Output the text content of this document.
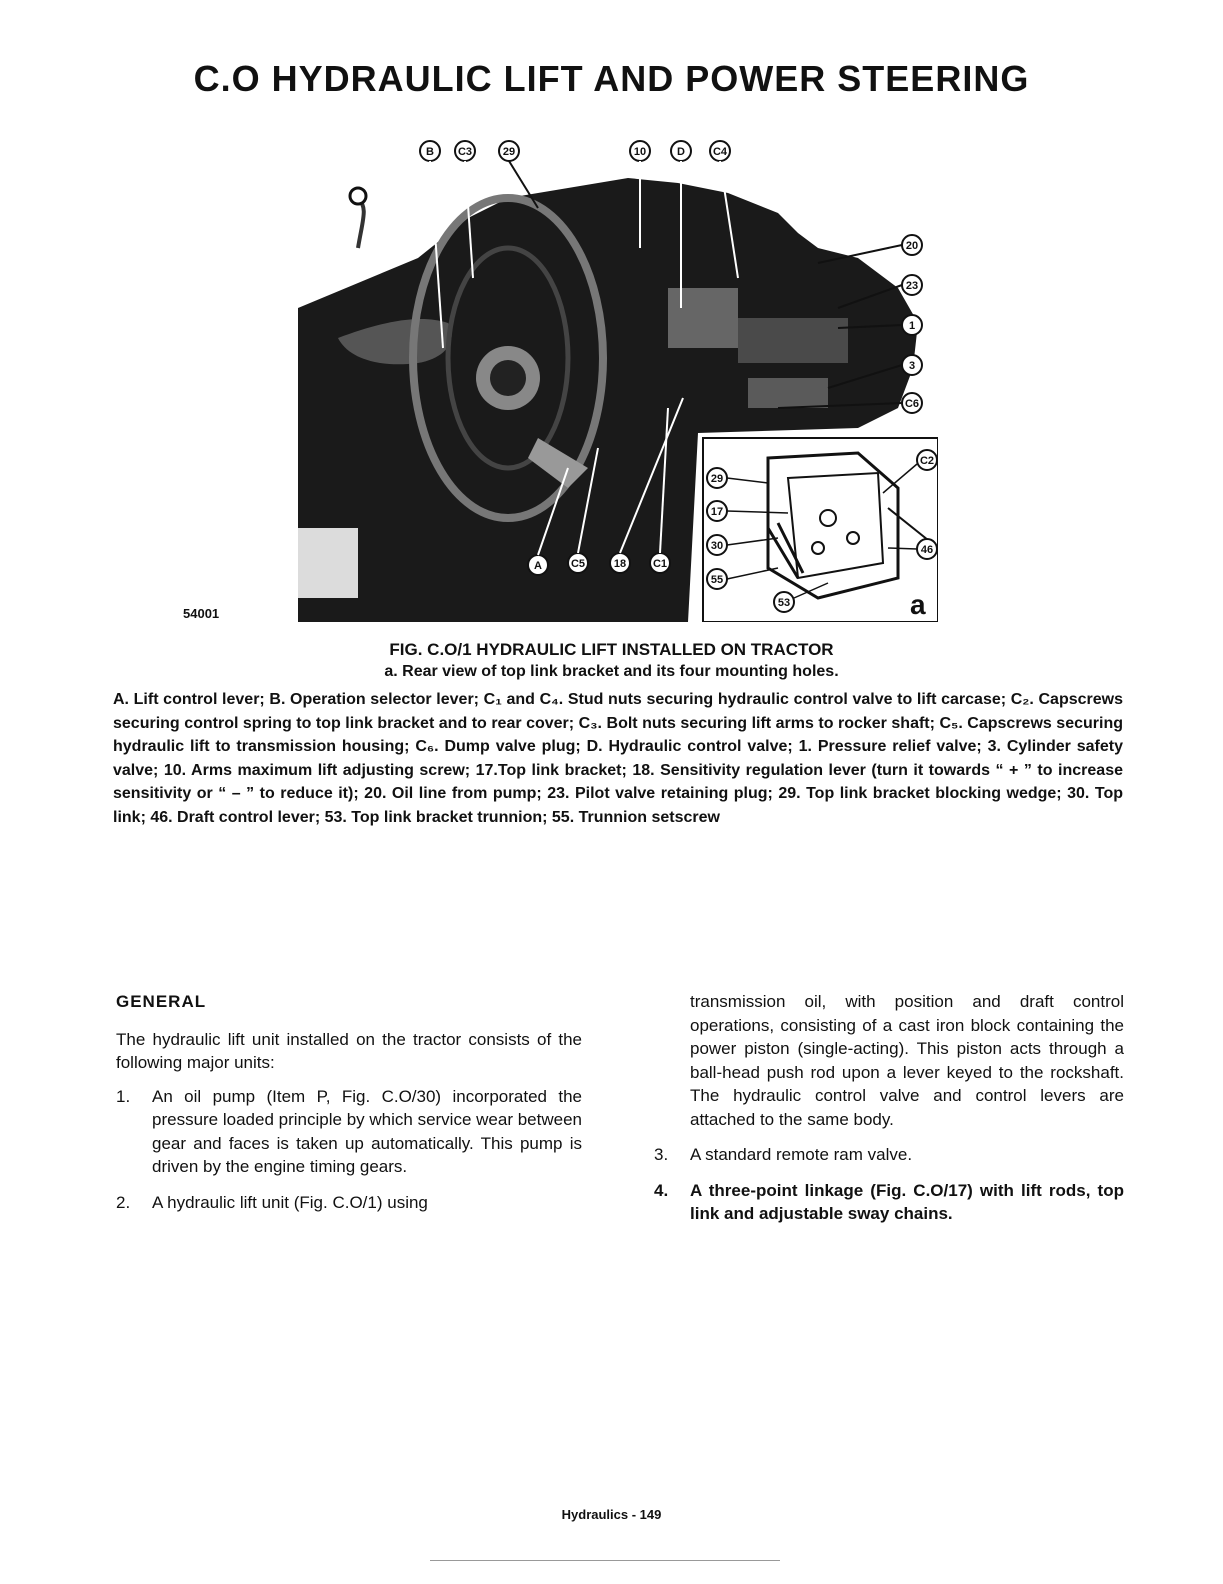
C.O HYDRAULIC LIFT AND POWER STEERING
a
B C3	29	10	D	C4
20
23
1
3
C6
A	C5	18 C1
29
17
30
55
53
C2
46
54001
FIG. C.O/1 HYDRAULIC LIFT INSTALLED ON TRACTOR
a. Rear view of top link bracket and its four mounting holes.
A. Lift control lever; B. Operation selector lever; C₁ and C₄. Stud nuts securing hydraulic control valve to lift carcase; C₂. Capscrews securing control spring to top link bracket and to rear cover; C₃. Bolt nuts securing lift arms to rocker shaft; C₅. Capscrews securing hydraulic lift to transmission housing; C₆. Dump valve plug; D. Hydraulic control valve; 1. Pressure relief valve; 3. Cylinder safety valve; 10. Arms maximum lift adjusting screw; 17.Top link bracket; 18. Sensitivity regulation lever (turn it towards “ + ” to increase sensitivity or “ – ” to reduce it); 20. Oil line from pump; 23. Pilot valve retaining plug; 29. Top link bracket blocking wedge; 30. Top link; 46. Draft control lever; 53. Top link bracket trunnion; 55. Trunnion setscrew
GENERAL

The hydraulic lift unit installed on the tractor consists of the following major units:

1.	An oil pump (Item P, Fig. C.O/30) incorporated the pressure loaded principle by which service wear between gear and faces is taken up automatically. This pump is driven by the engine timing gears.
2.	A hydraulic lift unit (Fig. C.O/1) using
transmission oil, with position and draft control operations, consisting of a cast iron block containing the power piston (single-acting). This piston acts through a ball-head push rod upon a lever keyed to the rockshaft. The hydraulic control valve and control levers are attached to the same body.
3.	A standard remote ram valve.
4.	A three-point linkage (Fig. C.O/17) with lift rods, top link and adjustable sway chains.
Hydraulics - 149
